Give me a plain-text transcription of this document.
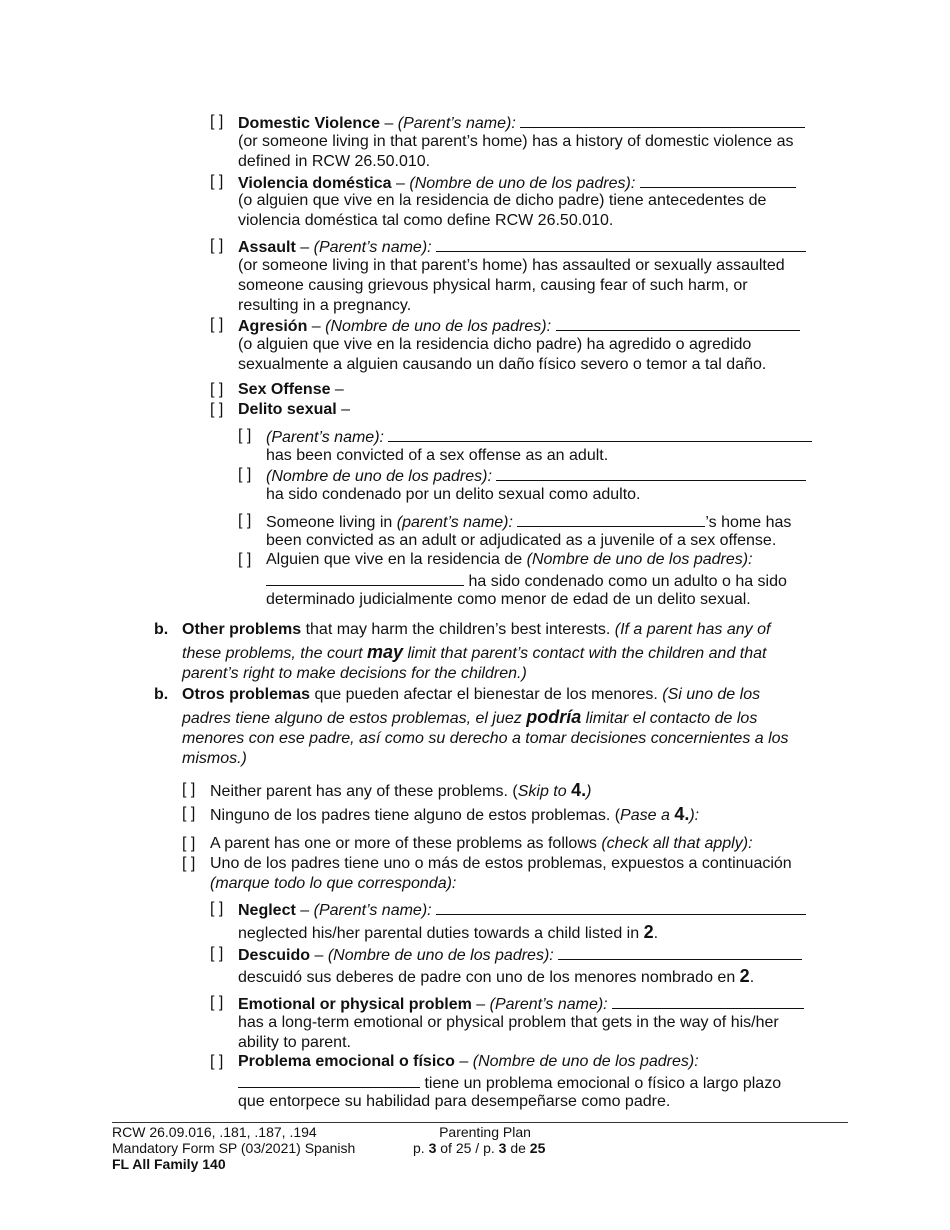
[ ] Domestic Violence – (Parent’s name):
(or someone living in that parent’s home) has a history of domestic violence as
defined in RCW 26.50.010.
[ ] Violencia doméstica – (Nombre de uno de los padres):
(o alguien que vive en la residencia de dicho padre) tiene antecedentes de
violencia doméstica tal como define RCW 26.50.010.
[ ] Assault – (Parent’s name):
(or someone living in that parent’s home) has assaulted or sexually assaulted
someone causing grievous physical harm, causing fear of such harm, or
resulting in a pregnancy.
[ ] Agresión – (Nombre de uno de los padres):
(o alguien que vive en la residencia dicho padre) ha agredido o agredido
sexualmente a alguien causando un daño físico severo o temor a tal daño.
[ ] Sex Offense –
[ ] Delito sexual –
[ ] (Parent’s name):
has been convicted of a sex offense as an adult.
[ ] (Nombre de uno de los padres):
ha sido condenado por un delito sexual como adulto.
[ ] Someone living in (parent’s name):	’s home has
been convicted as an adult or adjudicated as a juvenile of a sex offense.
[ ] Alguien que vive en la residencia de (Nombre de uno de los padres):
ha sido condenado como un adulto o ha sido
determinado judicialmente como menor de edad de un delito sexual.
b. Other problems that may harm the children’s best interests. (If a parent has any of
these problems, the court may limit that parent’s contact with the children and that
parent’s right to make decisions for the children.)
b. Otros problemas que pueden afectar el bienestar de los menores. (Si uno de los
padres tiene alguno de estos problemas, el juez podría limitar el contacto de los
menores con ese padre, así como su derecho a tomar decisiones concernientes a los
mismos.)
[ ] Neither parent has any of these problems. (Skip to 4.)
[ ] Ninguno de los padres tiene alguno de estos problemas. (Pase a 4.):
[ ] A parent has one or more of these problems as follows (check all that apply):
[ ] Uno de los padres tiene uno o más de estos problemas, expuestos a continuación
(marque todo lo que corresponda):
[ ] Neglect – (Parent’s name):
neglected his/her parental duties towards a child listed in 2.
[ ] Descuido – (Nombre de uno de los padres):
descuidó sus deberes de padre con uno de los menores nombrado en 2.
[ ] Emotional or physical problem – (Parent’s name):
has a long-term emotional or physical problem that gets in the way of his/her
ability to parent.
[ ] Problema emocional o físico – (Nombre de uno de los padres):
tiene un problema emocional o físico a largo plazo
que entorpece su habilidad para desempeñarse como padre.
RCW 26.09.016, .181, .187, .194
Mandatory Form SP (03/2021) Spanish
FL All Family 140
Parenting Plan
p. 3 of 25 / p. 3 de 25
